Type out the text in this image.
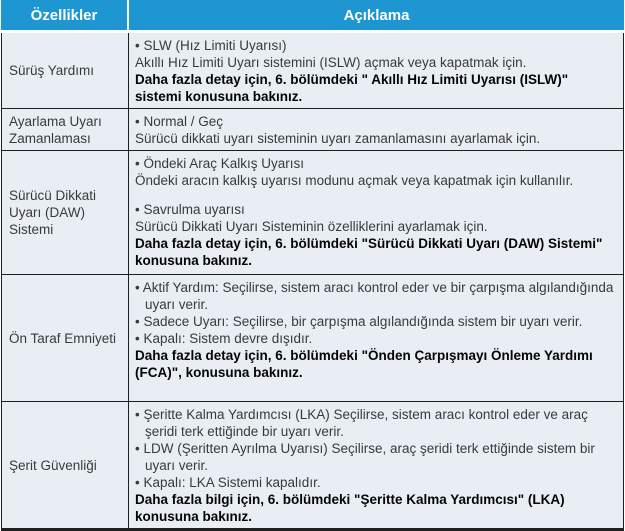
Özellikler	Açıklama
Sürüş Yardımı

• SLW (Hız Limiti Uyarısı)

Akıllı Hız Limiti Uyarı sistemini (ISLW) açmak veya kapatmak için.

Daha fazla detay için, 6. bölümdeki " Akıllı Hız Limiti Uyarısı (ISLW)" sistemi konusuna bakınız.

Ayarlama Uyarı Zamanlaması

• Normal / Geç

Sürücü dikkati uyarı sisteminin uyarı zamanlamasını ayarlamak için.

Sürücü Dikkati Uyarı (DAW) Sistemi

• Öndeki Araç Kalkış Uyarısı

Öndeki aracın kalkış uyarısı modunu açmak veya kapatmak için kullanılır.

• Savrulma uyarısı

Sürücü Dikkati Uyarı Sisteminin özelliklerini ayarlamak için.

Daha fazla detay için, 6. bölümdeki "Sürücü Dikkati Uyarı (DAW) Sistemi" konusuna bakınız.

Ön Taraf Emniyeti

• Aktif Yardım: Seçilirse, sistem aracı kontrol eder ve bir çarpışma algılandığında uyarı verir.

• Sadece Uyarı: Seçilirse, bir çarpışma algılandığında sistem bir uyarı verir.

• Kapalı: Sistem devre dışıdır.

Daha fazla detay için, 6. bölümdeki "Önden Çarpışmayı Önleme Yardımı (FCA)", konusuna bakınız.

Şerit Güvenliği

• Şeritte Kalma Yardımcısı (LKA) Seçilirse, sistem aracı kontrol eder ve araç şeridi terk ettiğinde bir uyarı verir.

• LDW (Şeritten Ayrılma Uyarısı) Seçilirse, araç şeridi terk ettiğinde sistem bir uyarı verir.

• Kapalı: LKA Sistemi kapalıdır.

Daha fazla bilgi için, 6. bölümdeki "Şeritte Kalma Yardımcısı" (LKA) konusuna bakınız.
